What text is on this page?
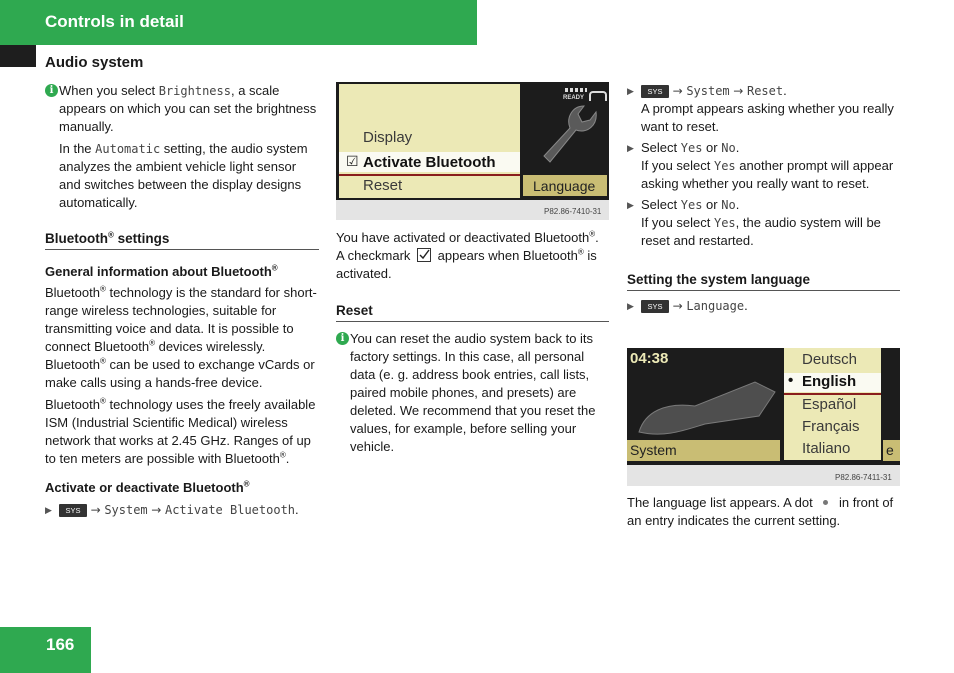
Controls in detail
Audio system
i When you select Brightness, a scale appears on which you can set the brightness manually.

In the Automatic setting, the audio system analyzes the ambient vehicle light sensor and switches between the display designs automatically.

Bluetooth® settings
General information about Bluetooth®

Bluetooth® technology is the standard for short-range wireless technologies, suitable for transmitting voice and data. It is possible to connect Bluetooth® devices wirelessly. Bluetooth® can be used to exchange vCards or make calls using a hands-free device.

Bluetooth® technology uses the freely available ISM (Industrial Scientific Medical) wireless network that works at 2.45 GHz. Ranges of up to ten meters are possible with Bluetooth®.

Activate or deactivate Bluetooth®
▶ SYS → System → Activate Bluetooth.
Display
☑ Activate Bluetooth
Reset
READY
Language
P82.86-7410-31

You have activated or deactivated Bluetooth®. A checkmark
appears when Bluetooth® is activated.

Reset
i You can reset the audio system back to its factory settings. In this case, all personal data (e. g. address book entries, call lists, paired mobile phones, and presets) are deleted. We recommend that you reset the values, for example, before selling your vehicle.

▶ SYS → System → Reset.

A prompt appears asking whether you really want to reset.

▶ Select Yes or No.

If you select Yes another prompt will appear asking whether you really want to reset.

▶ Select Yes or No.

If you select Yes, the audio system will be reset and restarted.

Setting the system language
▶ SYS → Language.
04:38	Deutsch
• English
Español
Français
Italiano
System	e
P82.86-7411-31

The language list appears. A dot  in front of an entry indicates the current setting.

166
